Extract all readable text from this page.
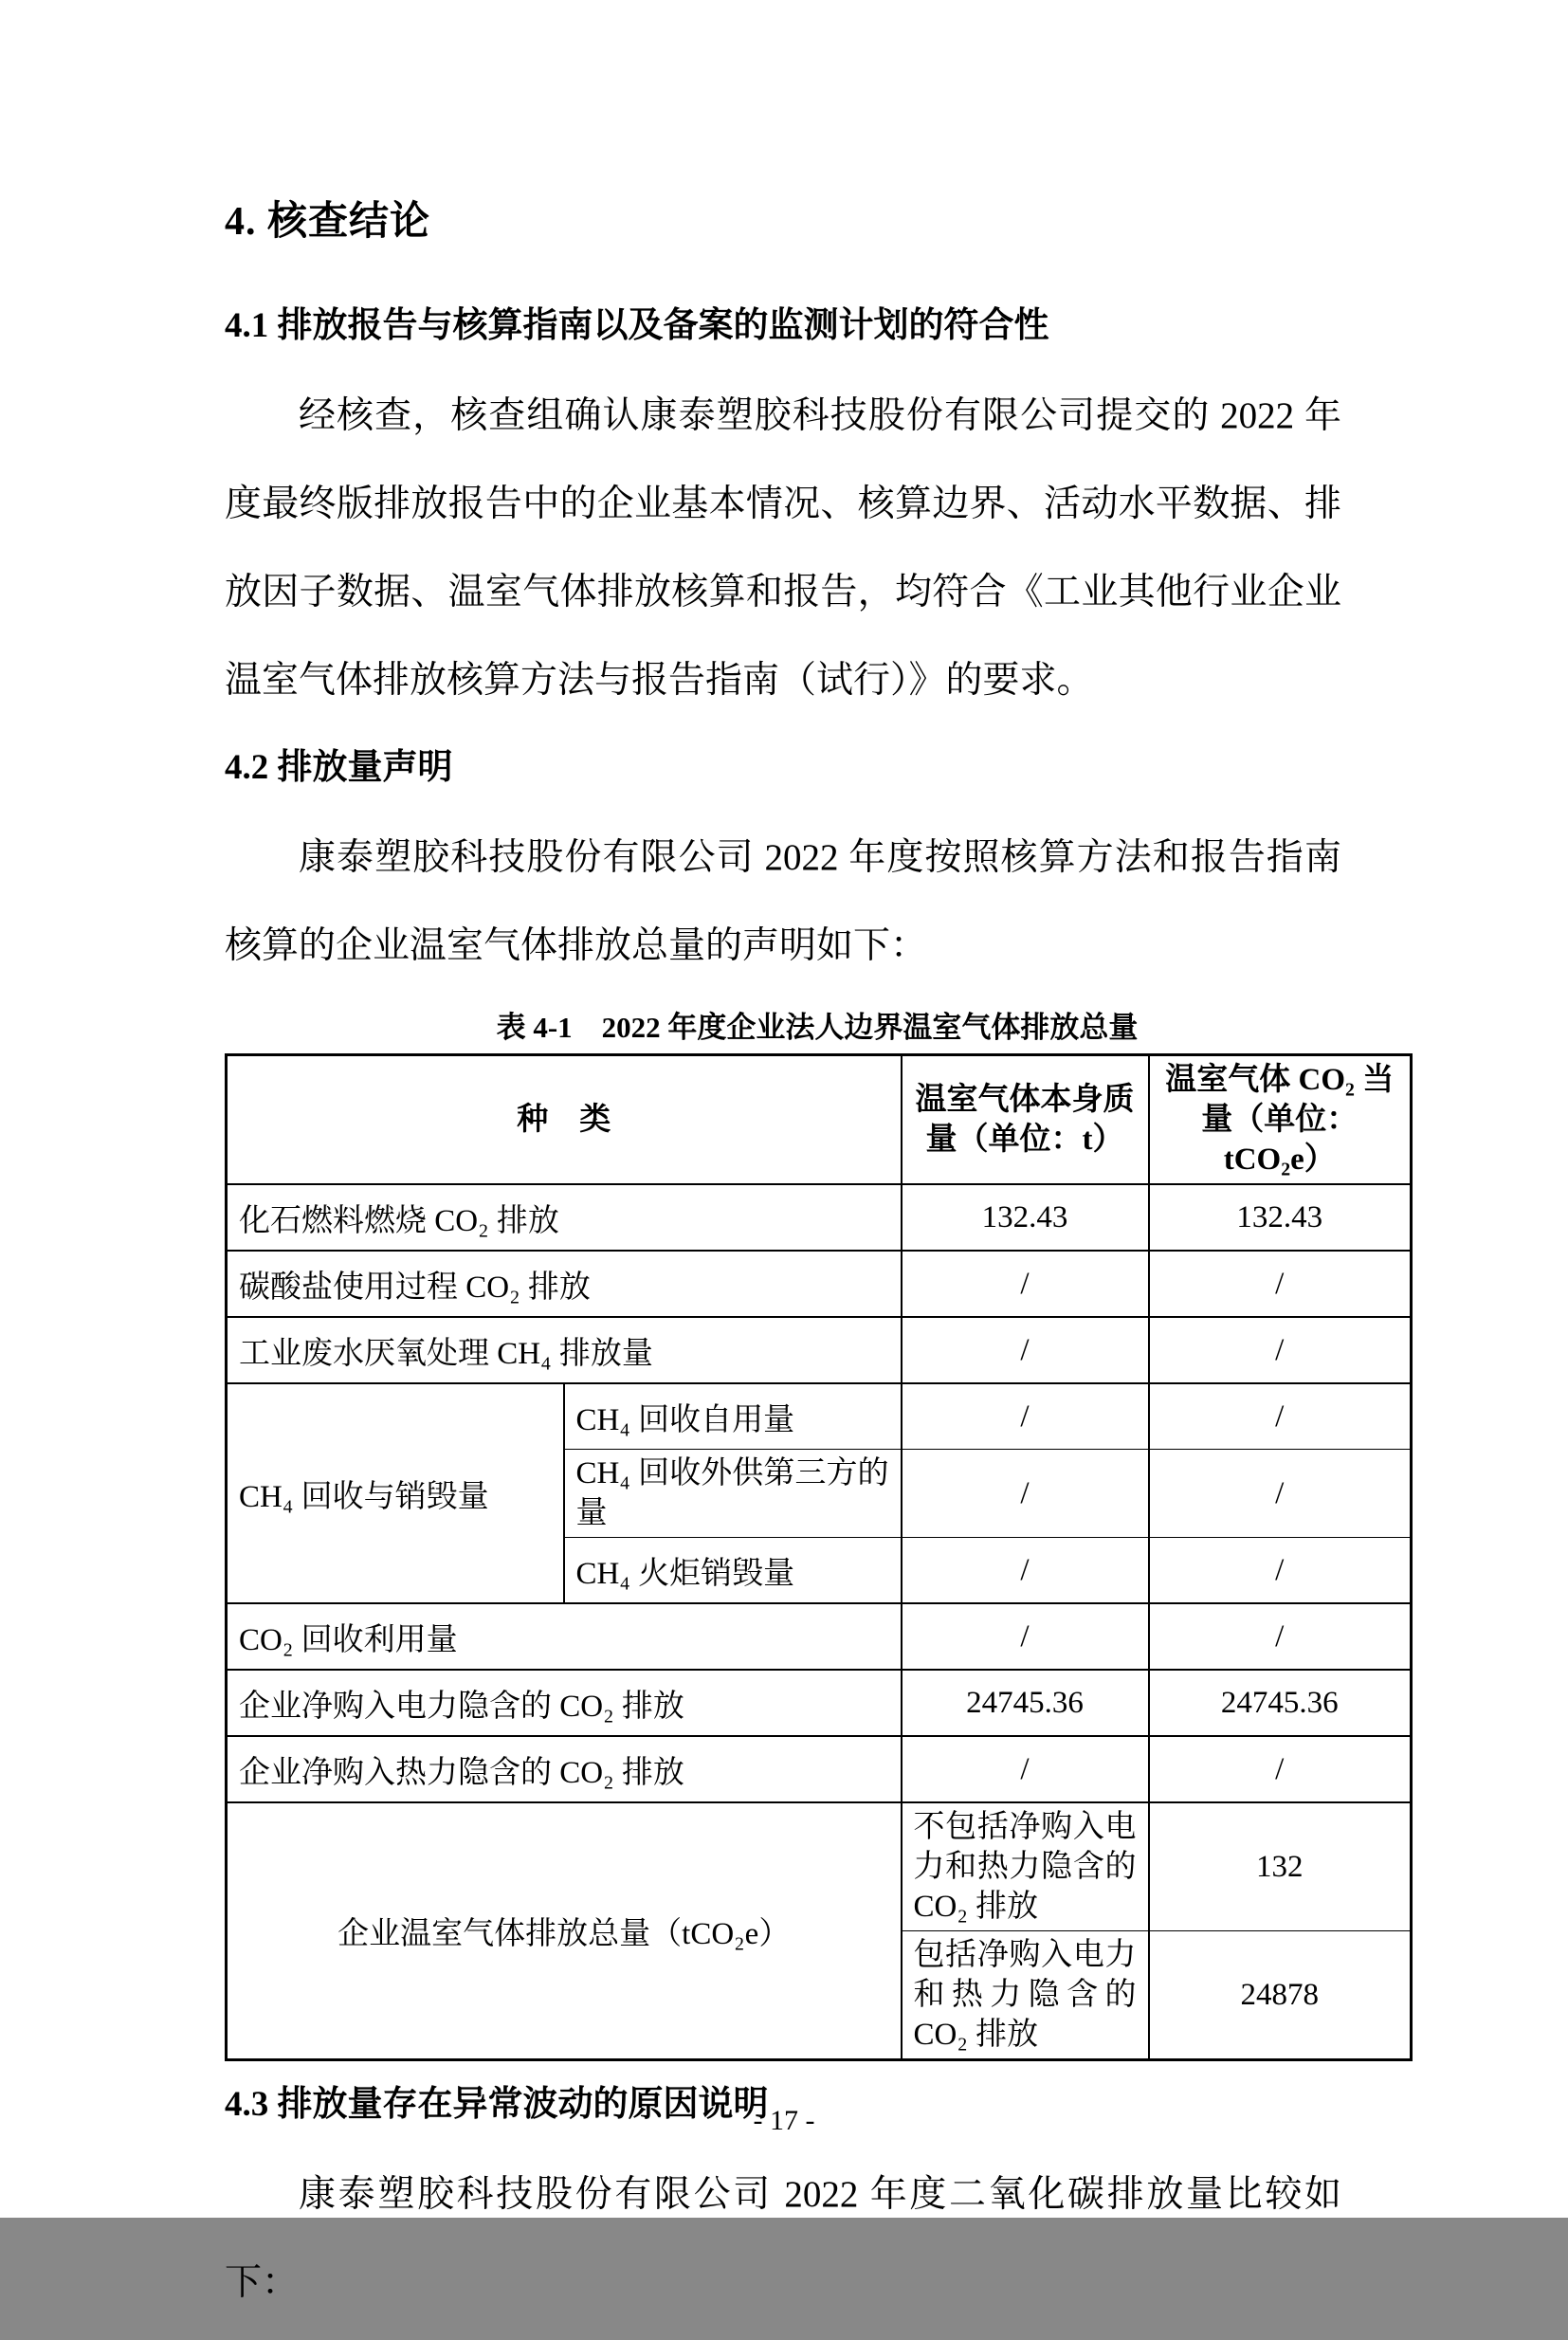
4. 核查结论
4.1 排放报告与核算指南以及备案的监测计划的符合性
经核查，核查组确认康泰塑胶科技股份有限公司提交的 2022 年
度最终版排放报告中的企业基本情况、核算边界、活动水平数据、排
放因子数据、温室气体排放核算和报告，均符合《工业其他行业企业
温室气体排放核算方法与报告指南（试行）》的要求。
4.2 排放量声明
康泰塑胶科技股份有限公司 2022 年度按照核算方法和报告指南
核算的企业温室气体排放总量的声明如下：
表 4-1　2022 年度企业法人边界温室气体排放总量
种　类		温室气体本身质量（单位：t）	温室气体 CO₂ 当量（单位：tCO₂e）

化石燃料燃烧 CO₂ 排放		132.43	132.43
碳酸盐使用过程 CO₂ 排放		/	/
工业废水厌氧处理 CH₄ 排放量		/	/
CH₄ 回收与销毁量	CH₄ 回收自用量	/	/

	CH₄ 回收外供第三方的量	/	/
	CH₄ 火炬销毁量	/	/
CO₂ 回收利用量		/	/
企业净购入电力隐含的 CO₂ 排放		24745.36	24745.36
企业净购入热力隐含的 CO₂ 排放		/	/
企业温室气体排放总量（tCO₂e）		不包括净购入电力和热力隐含的 CO₂ 排放	132

		包括净购入电力和热力隐含的 CO₂ 排放	24878
4.3 排放量存在异常波动的原因说明
康泰塑胶科技股份有限公司 2022 年度二氧化碳排放量比较如
下：
- 17 -
